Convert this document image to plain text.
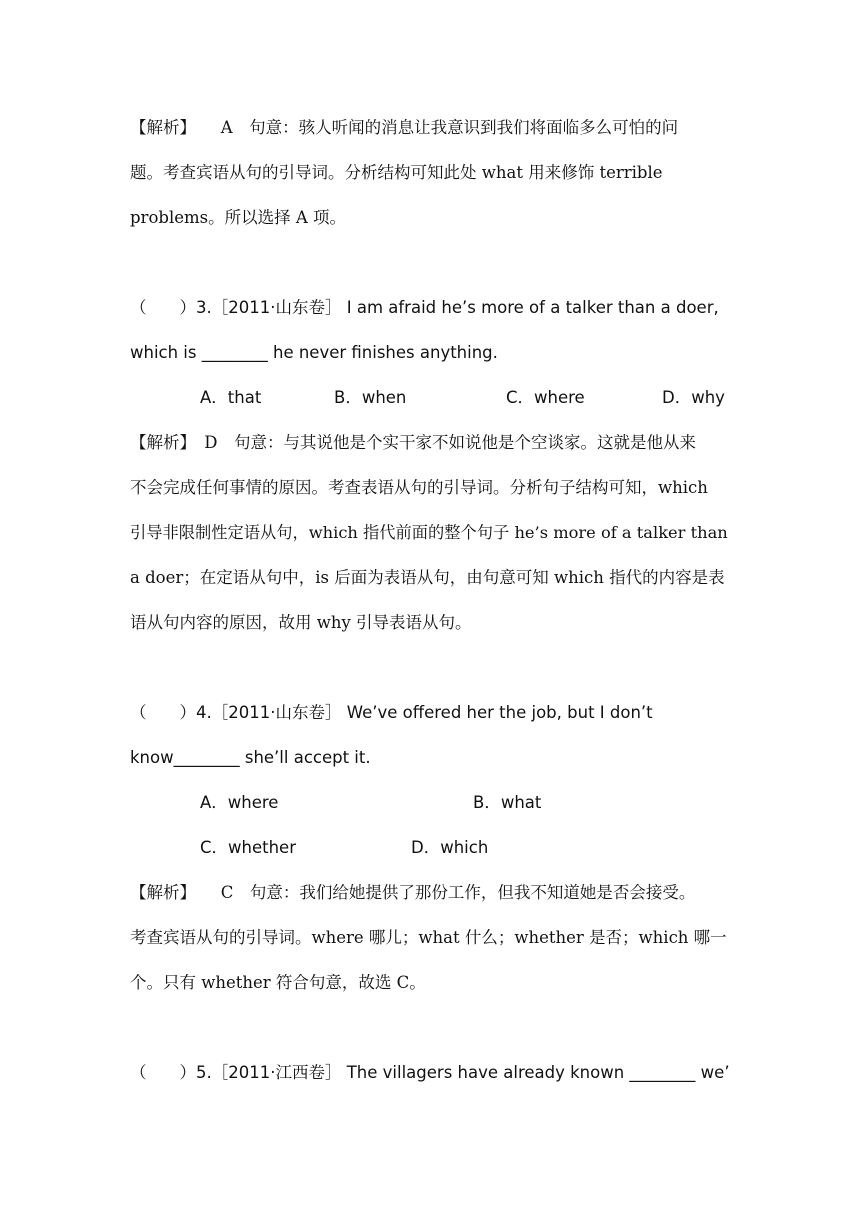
【解析】　　A　句意：骇人听闻的消息让我意识到我们将面临多么可怕的问
题。考查宾语从句的引导词。分析结构可知此处 what 用来修饰 terrible
problems。所以选择 A 项。
（　　）3.［2011·山东卷］ I am afraid he’s more of a talker than a doer,
which is ________ he never finishes anything.
A．that	B．when	C．where	D．why
【解析】　D　句意：与其说他是个实干家不如说他是个空谈家。这就是他从来
不会完成任何事情的原因。考查表语从句的引导词。分析句子结构可知，which
引导非限制性定语从句，which 指代前面的整个句子 he’s more of a talker than
a doer；在定语从句中，is 后面为表语从句，由句意可知 which 指代的内容是表
语从句内容的原因，故用 why 引导表语从句。
（　　）4.［2011·山东卷］ We’ve offered her the job, but I don’t
know________ she’ll accept it.
A．where	B．what
C．whether	D．which
【解析】　　C　句意：我们给她提供了那份工作，但我不知道她是否会接受。
考查宾语从句的引导词。where 哪儿；what 什么；whether 是否；which 哪一
个。只有 whether 符合句意，故选 C。
（　　）5.［2011·江西卷］ The villagers have already known ________ we’
